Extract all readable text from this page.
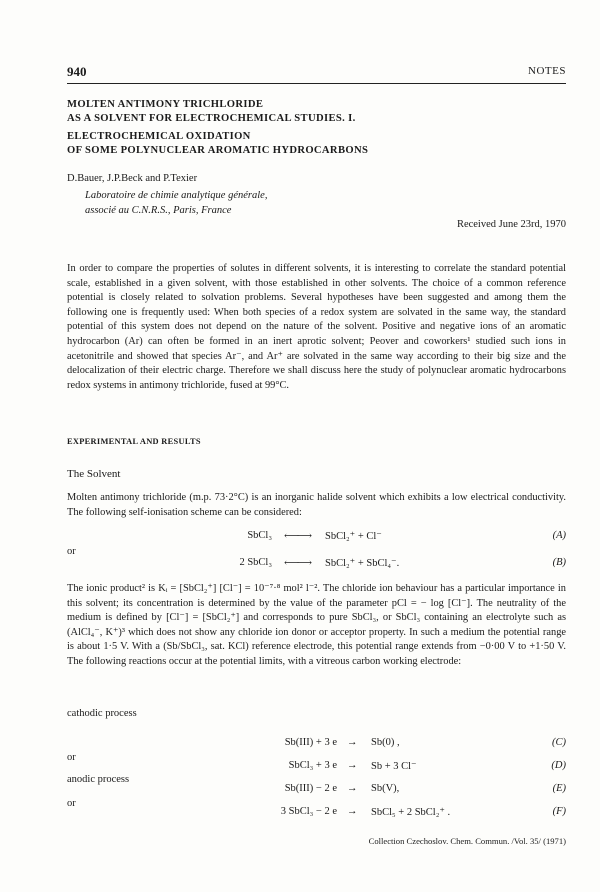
940	NOTES
MOLTEN ANTIMONY TRICHLORIDE
AS A SOLVENT FOR ELECTROCHEMICAL STUDIES. I.
ELECTROCHEMICAL OXIDATION
OF SOME POLYNUCLEAR AROMATIC HYDROCARBONS
D.Bauer, J.P.Beck and P.Texier
Laboratoire de chimie analytique générale,
associé au C.N.R.S., Paris, France
Received June 23rd, 1970
In order to compare the properties of solutes in different solvents, it is interesting to correlate the standard potential scale, established in a given solvent, with those established in other solvents. The choice of a common reference potential is closely related to solvation problems. Several hypotheses have been suggested and among them the following one is frequently used: When both species of a redox system are solvated in the same way, the standard potential of this system does not depend on the nature of the solvent. Positive and negative ions of an aromatic hydrocarbon (Ar) can often be formed in an inert aprotic solvent; Peover and coworkers¹ studied such ions in acetonitrile and showed that species Ar⁻, and Ar⁺ are solvated in the same way according to their big size and the delocalization of their electric charge. Therefore we shall discuss here the study of polynuclear aromatic hydrocarbons redox systems in antimony trichloride, fused at 99°C.
EXPERIMENTAL AND RESULTS
The Solvent
Molten antimony trichloride (m.p. 73·2°C) is an inorganic halide solvent which exhibits a low electrical conductivity. The following self-ionisation scheme can be considered:
SbCl₃ ⟵⟶ SbCl₂⁺ + Cl⁻	(A)
or
2 SbCl₃ ⟵⟶ SbCl₂⁺ + SbCl₄⁻.	(B)
The ionic product² is Kᵢ = [SbCl₂⁺] [Cl⁻] = 10⁻⁷·⁸ mol² l⁻². The chloride ion behaviour has a particular importance in this solvent; its concentration is determined by the value of the parameter pCl = − log [Cl⁻]. The neutrality of the medium is defined by [Cl⁻] = [SbCl₂⁺] and corresponds to pure SbCl₃, or SbCl₃ containing an electrolyte such as (AlCl₄⁻, K⁺)³ which does not show any chloride ion donor or acceptor property. In such a medium the potential range is about 1·5 V. With a (Sb/SbCl₃, sat. KCl) reference electrode, this potential range extends from −0·00 V to +1·50 V. The following reactions occur at the potential limits, with a vitreous carbon working electrode:
cathodic process
Sb(III) + 3 e → Sb(0) ,	(C)
or
SbCl₃ + 3 e → Sb + 3 Cl⁻	(D)
anodic process
Sb(III) − 2 e → Sb(V),	(E)
or
3 SbCl₃ − 2 e → SbCl₅ + 2 SbCl₂⁺ .	(F)
Collection Czechoslov. Chem. Commun. /Vol. 35/ (1971)
